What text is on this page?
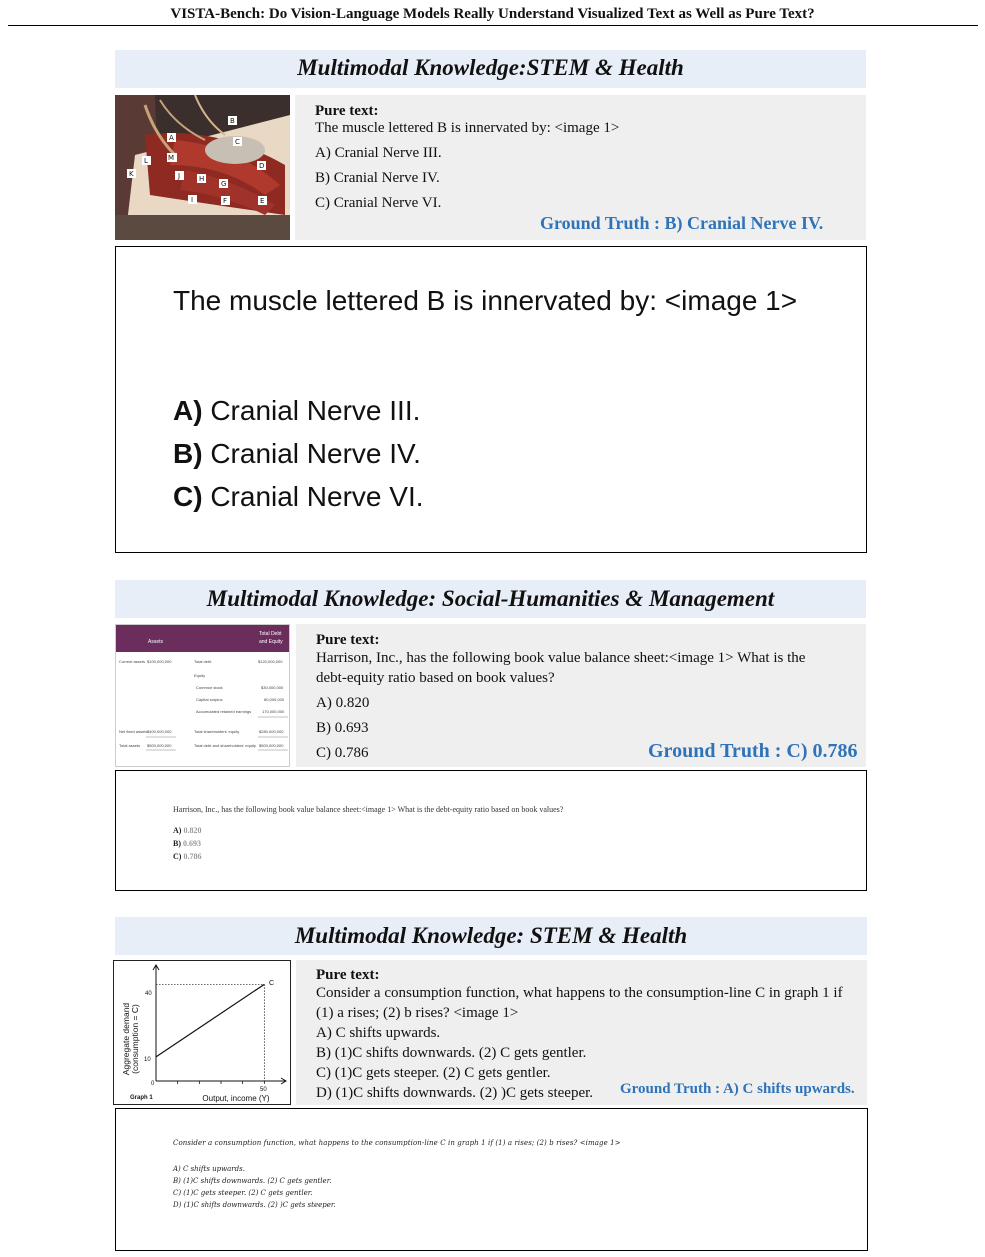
VISTA-Bench: Do Vision-Language Models Really Understand Visualized Text as Well as Pure Text?
Multimodal Knowledge:STEM & Health
A
B
C
D
E
F
G
H
I
J
K
L	M
Pure text:
The muscle lettered B is innervated by: <image 1>
A) Cranial Nerve III.
B) Cranial Nerve IV.
C) Cranial Nerve VI.
Ground Truth : B) Cranial Nerve IV.
The muscle lettered B is innervated by: <image 1>
A) Cranial Nerve III.
B) Cranial Nerve IV.
C) Cranial Nerve VI.
Multimodal Knowledge: Social-Humanities & Management
Assets
Total Debt
and Equity
Current assets $100,000,000	Total debt	$120,000,000
Equity
Common stock	$30,000,000
Capital surplus	80,000,000
Accumulated retained earnings	170,000,000
Net fixed assets $400,000,000	Total shareholders' equity	$280,000,000
Total assets $500,000,000	Total debt and shareholders' equity $500,000,000
Pure text:
Harrison, Inc., has the following book value balance sheet:<image 1> What is the debt-equity ratio based on book values?
A) 0.820
B) 0.693
C) 0.786	Ground Truth : C) 0.786
Harrison, Inc., has the following book value balance sheet:<image 1> What is the debt-equity ratio based on book values?
A) 0.820
B) 0.693
C) 0.786
Multimodal Knowledge: STEM & Health
Aggregate demand (consumption = C)
Output, income (Y)
Graph 1
40
10
0
50
C
Pure text:
Consider a consumption function, what happens to the consumption-line C in graph 1 if (1) a rises; (2) b rises? <image 1>
A) C shifts upwards.
B) (1)C shifts downwards. (2) C gets gentler.
C) (1)C gets steeper. (2) C gets gentler.
D) (1)C shifts downwards. (2) )C gets steeper.	Ground Truth : A) C shifts upwards.
Consider a consumption function, what happens to the consumption-line C in graph 1 if (1) a rises; (2) b rises? <image 1>
A) C shifts upwards.
B) (1)C shifts downwards. (2) C gets gentler.
C) (1)C gets steeper. (2) C gets gentler.
D) (1)C shifts downwards. (2) )C gets steeper.
